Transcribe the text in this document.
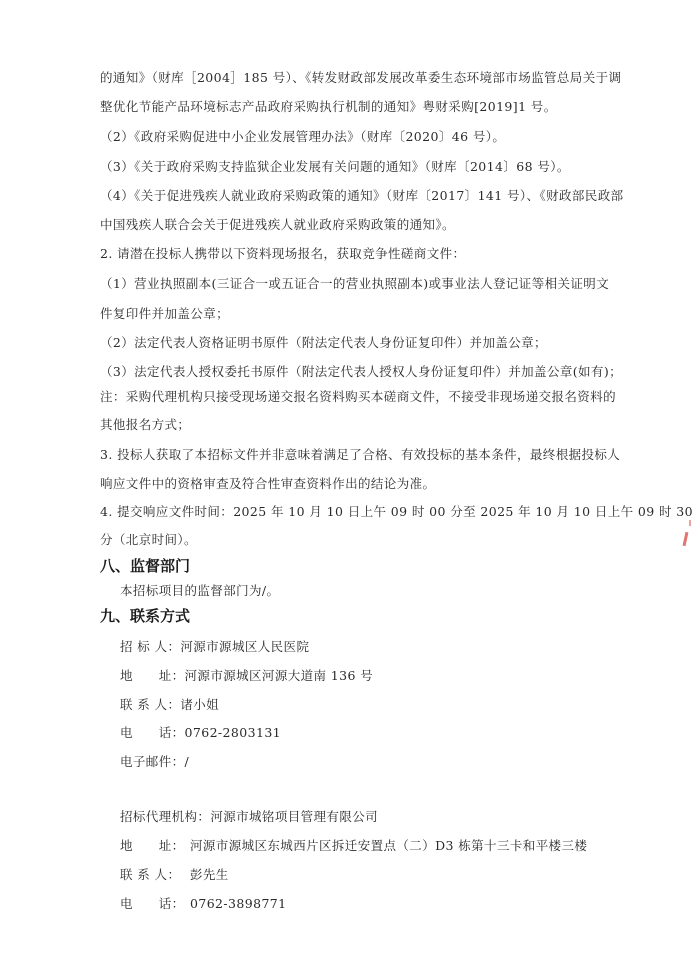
的通知》（财库［2004］185 号）、《转发财政部发展改革委生态环境部市场监管总局关于调
整优化节能产品环境标志产品政府采购执行机制的通知》粤财采购[2019]1 号。
（2）《政府采购促进中小企业发展管理办法》（财库〔2020〕46 号）。
（3）《关于政府采购支持监狱企业发展有关问题的通知》（财库〔2014〕68 号）。
（4）《关于促进残疾人就业政府采购政策的通知》（财库〔2017〕141 号）、《财政部民政部
中国残疾人联合会关于促进残疾人就业政府采购政策的通知》。
2. 请潜在投标人携带以下资料现场报名，获取竞争性磋商文件：
（1）营业执照副本(三证合一或五证合一的营业执照副本)或事业法人登记证等相关证明文
件复印件并加盖公章；
（2）法定代表人资格证明书原件（附法定代表人身份证复印件）并加盖公章；
（3）法定代表人授权委托书原件（附法定代表人授权人身份证复印件）并加盖公章(如有)；
注：采购代理机构只接受现场递交报名资料购买本磋商文件，不接受非现场递交报名资料的
其他报名方式；
3. 投标人获取了本招标文件并非意味着满足了合格、有效投标的基本条件，最终根据投标人
响应文件中的资格审查及符合性审查资料作出的结论为准。
4. 提交响应文件时间：2025 年 10 月 10 日上午 09 时 00 分至 2025 年 10 月 10 日上午 09 时 30
分（北京时间）。
八、监督部门
本招标项目的监督部门为/。
九、联系方式
招 标 人：河源市源城区人民医院
地　　址：河源市源城区河源大道南 136 号
联 系 人：诸小姐
电　　话：0762-2803131
电子邮件：/
招标代理机构：河源市城铭项目管理有限公司
地　　址： 河源市源城区东城西片区拆迁安置点（二）D3 栋第十三卡和平楼三楼
联 系 人： 彭先生
电　　话： 0762-3898771
